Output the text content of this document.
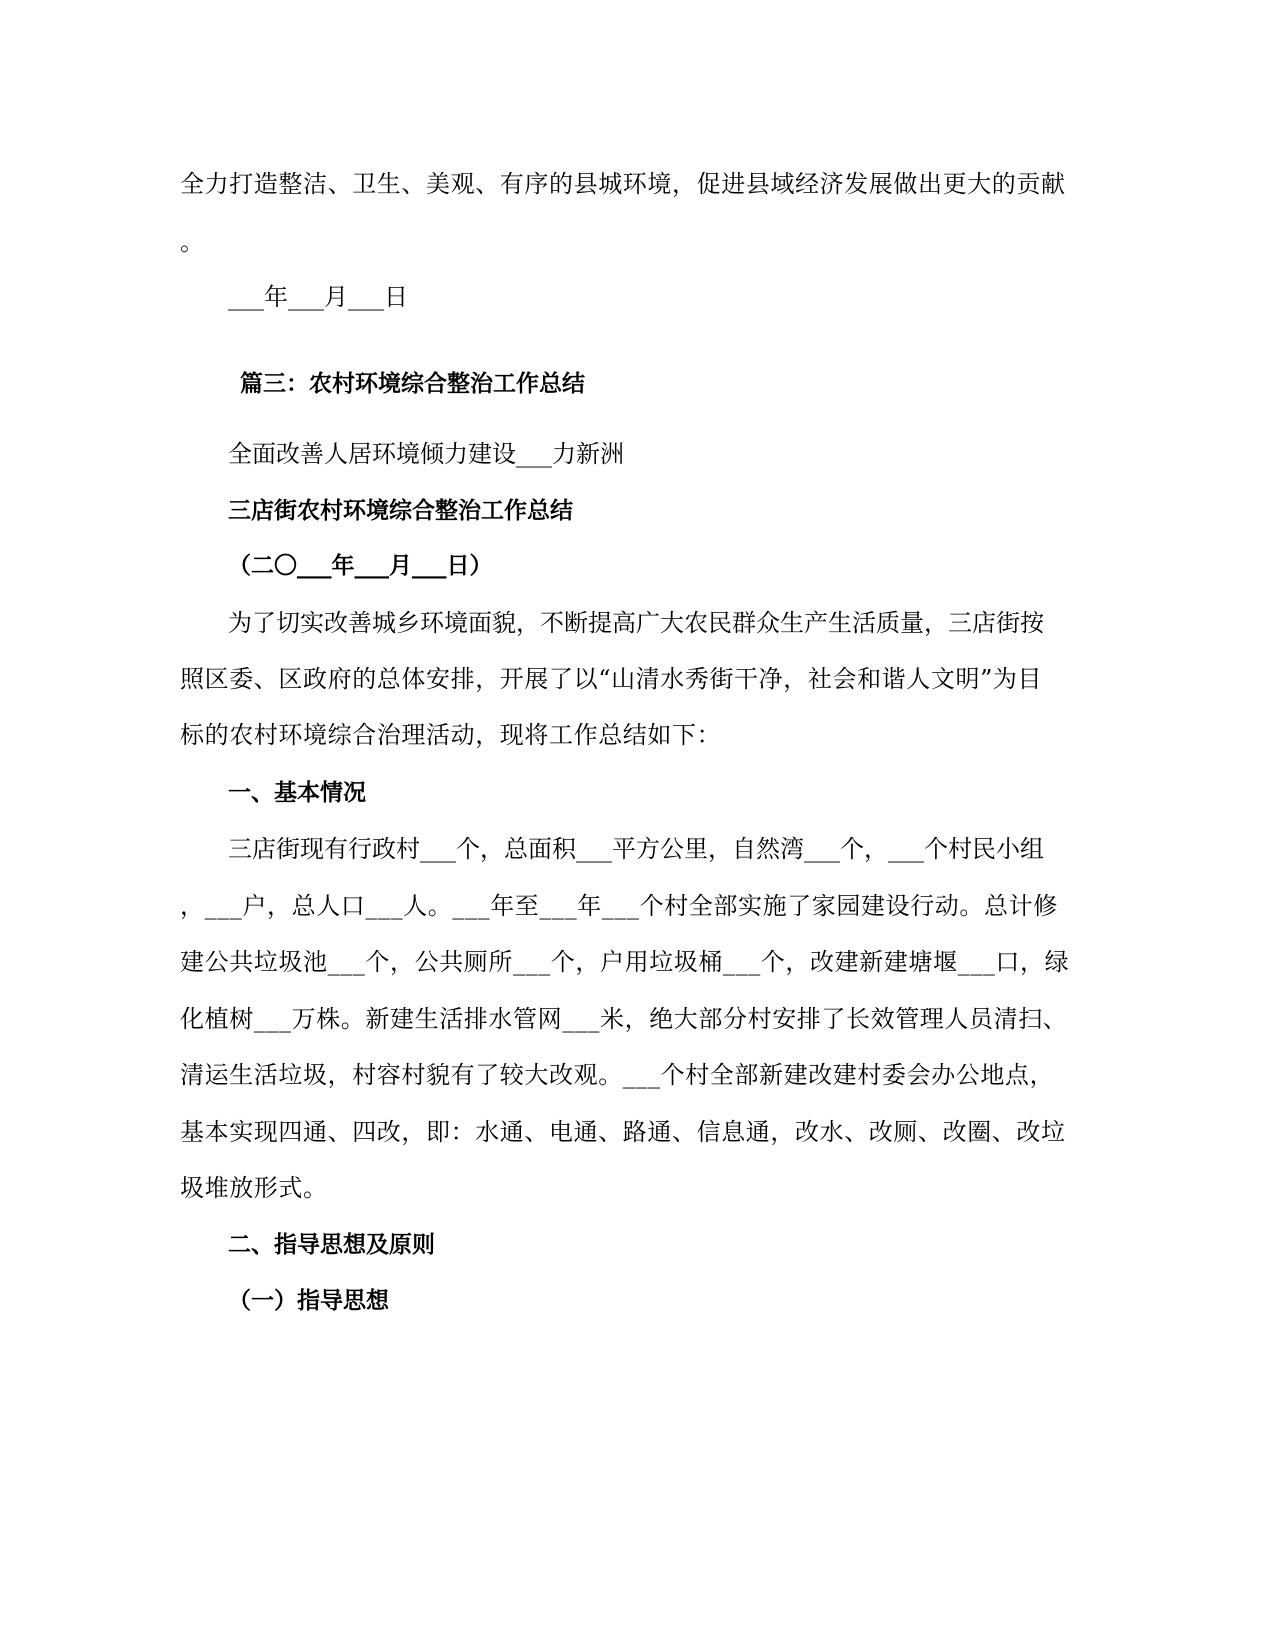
全力打造整洁、卫生、美观、有序的县城环境，促进县域经济发展做出更大的贡献
。
___年___月___日
篇三：农村环境综合整治工作总结
全面改善人居环境倾力建设___力新洲
三店街农村环境综合整治工作总结
（二〇___年___月___日）
为了切实改善城乡环境面貌，不断提高广大农民群众生产生活质量，三店街按
照区委、区政府的总体安排，开展了以“山清水秀街干净，社会和谐人文明”为目
标的农村环境综合治理活动，现将工作总结如下：
一、基本情况
三店街现有行政村___个，总面积___平方公里，自然湾___个，___个村民小组
，___户，总人口___人。___年至___年___个村全部实施了家园建设行动。总计修
建公共垃圾池___个，公共厕所___个，户用垃圾桶___个，改建新建塘堰___口，绿
化植树___万株。新建生活排水管网___米，绝大部分村安排了长效管理人员清扫、
清运生活垃圾，村容村貌有了较大改观。___个村全部新建改建村委会办公地点，
基本实现四通、四改，即：水通、电通、路通、信息通，改水、改厕、改圈、改垃
圾堆放形式。
二、指导思想及原则
（一）指导思想
